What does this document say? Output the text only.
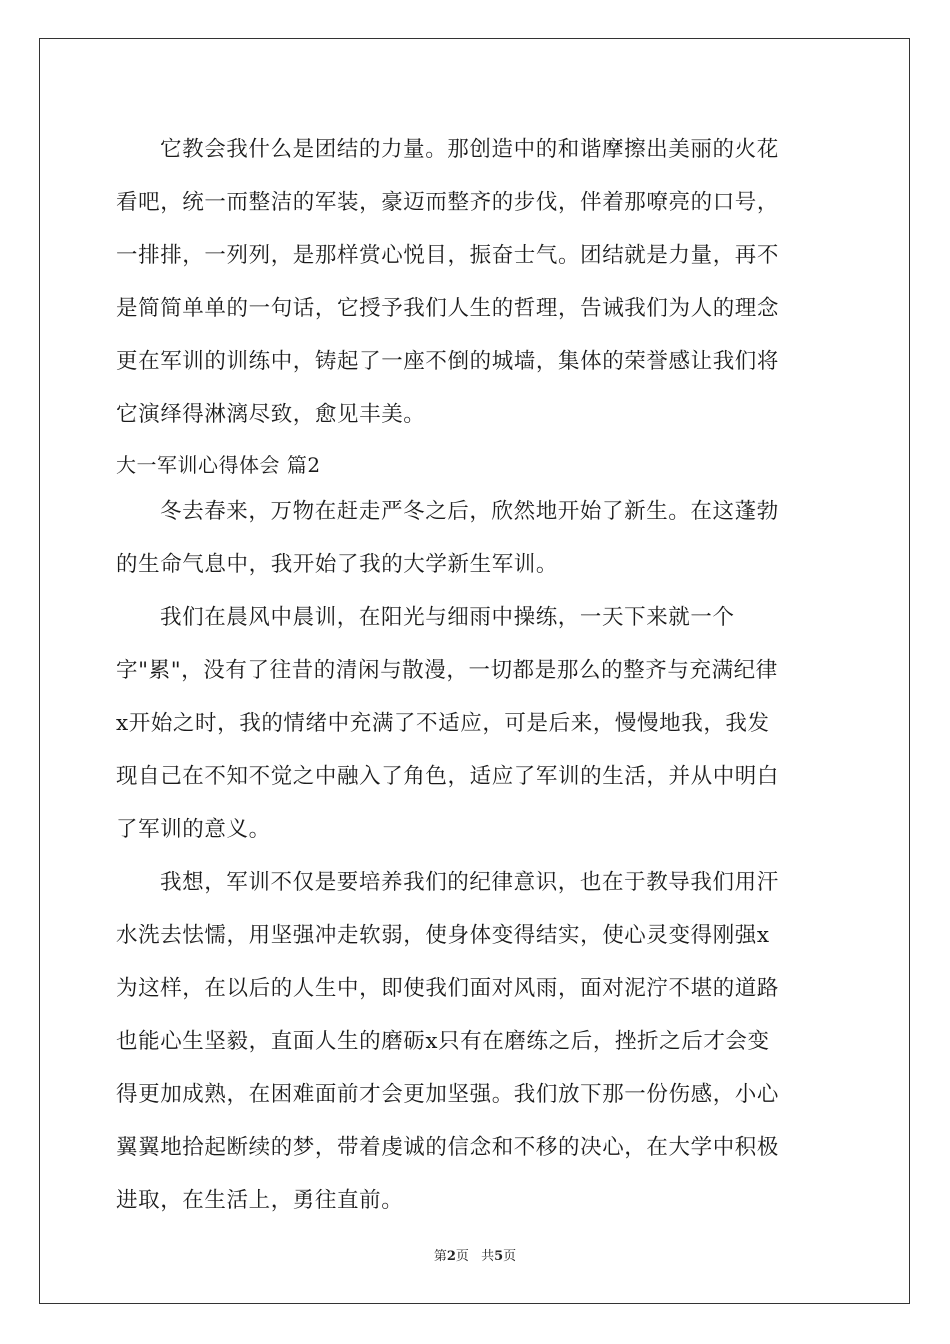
它教会我什么是团结的力量。那创造中的和谐摩擦出美丽的火花
看吧，统一而整洁的军装，豪迈而整齐的步伐，伴着那嘹亮的口号，
一排排，一列列，是那样赏心悦目，振奋士气。团结就是力量，再不
是简简单单的一句话，它授予我们人生的哲理，告诫我们为人的理念
更在军训的训练中，铸起了一座不倒的城墙，集体的荣誉感让我们将
它演绎得淋漓尽致，愈见丰美。
大一军训心得体会 篇2
冬去春来，万物在赶走严冬之后，欣然地开始了新生。在这蓬勃
的生命气息中，我开始了我的大学新生军训。
我们在晨风中晨训，在阳光与细雨中操练，一天下来就一个
字"累"，没有了往昔的清闲与散漫，一切都是那么的整齐与充满纪律
x开始之时，我的情绪中充满了不适应，可是后来，慢慢地我，我发
现自己在不知不觉之中融入了角色，适应了军训的生活，并从中明白
了军训的意义。
我想，军训不仅是要培养我们的纪律意识，也在于教导我们用汗
水洗去怯懦，用坚强冲走软弱，使身体变得结实，使心灵变得刚强x
为这样，在以后的人生中，即使我们面对风雨，面对泥泞不堪的道路
也能心生坚毅，直面人生的磨砺x只有在磨练之后，挫折之后才会变
得更加成熟，在困难面前才会更加坚强。我们放下那一份伤感，小心
翼翼地拾起断续的梦，带着虔诚的信念和不移的决心，在大学中积极
进取，在生活上，勇往直前。
第2页 共5页
